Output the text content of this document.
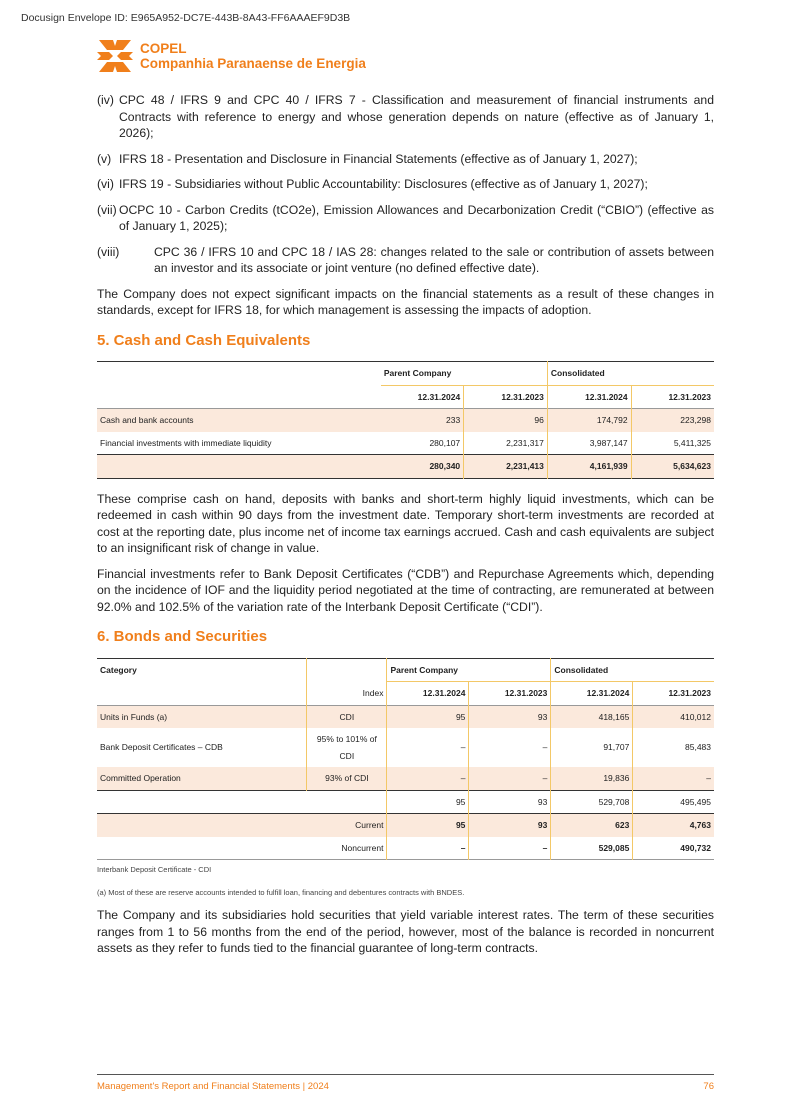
Docusign Envelope ID: E965A952-DC7E-443B-8A43-FF6AAAEF9D3B
COPEL
Companhia Paranaense de Energia
(iv) CPC 48 / IFRS 9 and CPC 40 / IFRS 7 - Classification and measurement of financial instruments and Contracts with reference to energy and whose generation depends on nature (effective as of January 1, 2026);
(v) IFRS 18 - Presentation and Disclosure in Financial Statements (effective as of January 1, 2027);
(vi) IFRS 19 - Subsidiaries without Public Accountability: Disclosures (effective as of January 1, 2027);
(vii) OCPC 10 - Carbon Credits (tCO2e), Emission Allowances and Decarbonization Credit (“CBIO”) (effective as of January 1, 2025);
(viii)	CPC 36 / IFRS 10 and CPC 18 / IAS 28: changes related to the sale or contribution of assets between an investor and its associate or joint venture (no defined effective date).

The Company does not expect significant impacts on the financial statements as a result of these changes in standards, except for IFRS 18, for which management is assessing the impacts of adoption.

5. Cash and Cash Equivalents
	Parent Company		Consolidated	
	12.31.2024	12.31.2023	12.31.2024	12.31.2023
Cash and bank accounts	233	96	174,792	223,298
Financial investments with immediate liquidity	280,107	2,231,317	3,987,147	5,411,325
	280,340	2,231,413	4,161,939	5,634,623

These comprise cash on hand, deposits with banks and short-term highly liquid investments, which can be redeemed in cash within 90 days from the investment date. Temporary short-term investments are recorded at cost at the reporting date, plus income net of income tax earnings accrued. Cash and cash equivalents are subject to an insignificant risk of change in value.

Financial investments refer to Bank Deposit Certificates (“CDB”) and Repurchase Agreements which, depending on the incidence of IOF and the liquidity period negotiated at the time of contracting, are remunerated at between 92.0% and 102.5% of the variation rate of the Interbank Deposit Certificate (“CDI”).

6. Bonds and Securities
Category		Parent Company		Consolidated	
	Index	12.31.2024	12.31.2023	12.31.2024	12.31.2023
Units in Funds (a)	CDI	95	93	418,165	410,012
Bank Deposit Certificates – CDB	95% to 101% of CDI	–	–	91,707	85,483
Committed Operation	93% of CDI	–	–	19,836	–
		95	93	529,708	495,495
Current		95	93	623	4,763
Noncurrent		–	–	529,085	490,732
Interbank Deposit Certificate - CDI
(a) Most of these are reserve accounts intended to fulfill loan, financing and debentures contracts with BNDES.

The Company and its subsidiaries hold securities that yield variable interest rates. The term of these securities ranges from 1 to 56 months from the end of the period, however, most of the balance is recorded in noncurrent assets as they refer to funds tied to the financial guarantee of long-term contracts.

Management's Report and Financial Statements | 2024	76
